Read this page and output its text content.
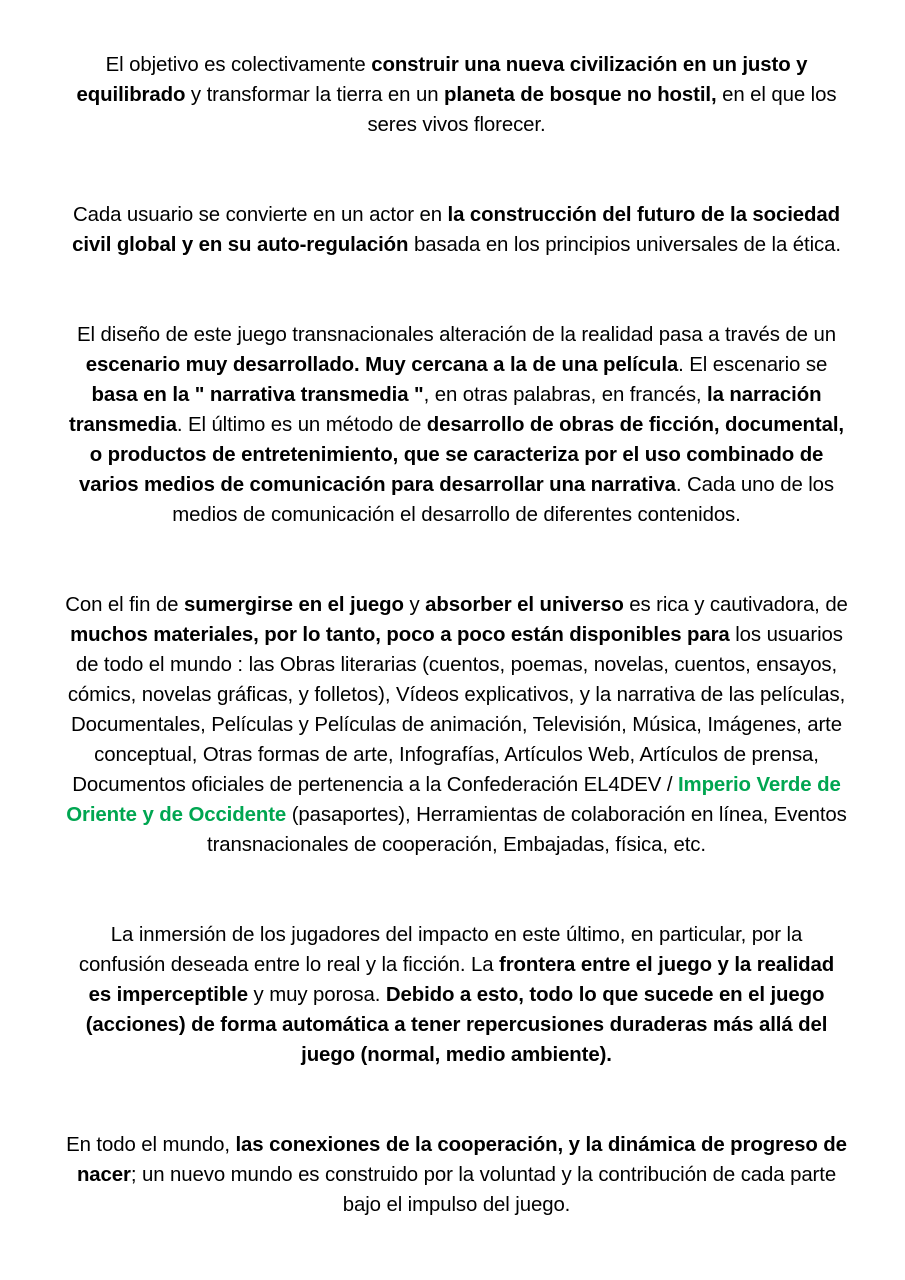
El objetivo es colectivamente construir una nueva civilización en un justo y equilibrado y transformar la tierra en un planeta de bosque no hostil, en el que los seres vivos florecer.

Cada usuario se convierte en un actor en la construcción del futuro de la sociedad civil global y en su auto-regulación basada en los principios universales de la ética.

El diseño de este juego transnacionales alteración de la realidad pasa a través de un escenario muy desarrollado. Muy cercana a la de una película. El escenario se basa en la " narrativa transmedia ", en otras palabras, en francés, la narración transmedia. El último es un método de desarrollo de obras de ficción, documental, o productos de entretenimiento, que se caracteriza por el uso combinado de varios medios de comunicación para desarrollar una narrativa. Cada uno de los medios de comunicación el desarrollo de diferentes contenidos.

Con el fin de sumergirse en el juego y absorber el universo es rica y cautivadora, de muchos materiales, por lo tanto, poco a poco están disponibles para los usuarios de todo el mundo : las Obras literarias (cuentos, poemas, novelas, cuentos, ensayos, cómics, novelas gráficas, y folletos), Vídeos explicativos, y la narrativa de las películas, Documentales, Películas y Películas de animación, Televisión, Música, Imágenes, arte conceptual, Otras formas de arte, Infografías, Artículos Web, Artículos de prensa, Documentos oficiales de pertenencia a la Confederación EL4DEV / Imperio Verde de Oriente y de Occidente (pasaportes), Herramientas de colaboración en línea, Eventos transnacionales de cooperación, Embajadas, física, etc.

La inmersión de los jugadores del impacto en este último, en particular, por la confusión deseada entre lo real y la ficción. La frontera entre el juego y la realidad es imperceptible y muy porosa. Debido a esto, todo lo que sucede en el juego (acciones) de forma automática a tener repercusiones duraderas más allá del juego (normal, medio ambiente).

En todo el mundo, las conexiones de la cooperación, y la dinámica de progreso de nacer; un nuevo mundo es construido por la voluntad y la contribución de cada parte bajo el impulso del juego.
